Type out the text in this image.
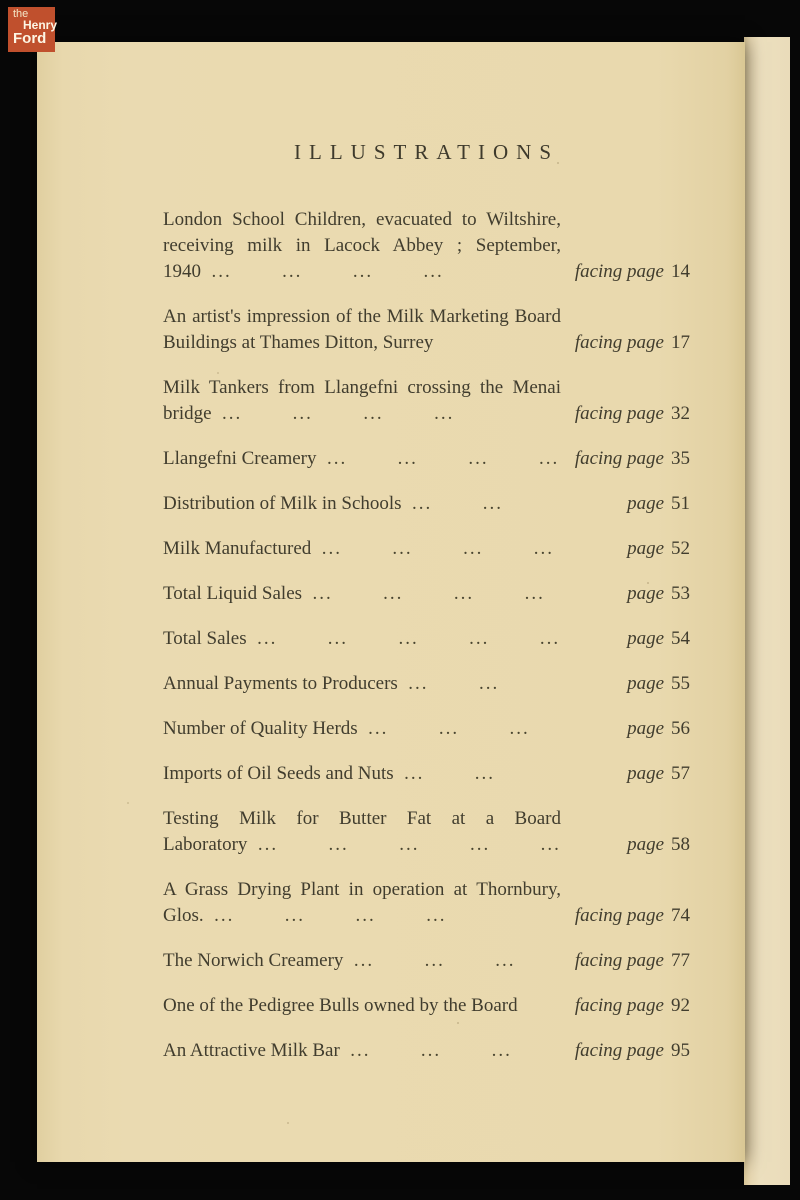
ILLUSTRATIONS
London School Children, evacuated to Wiltshire, receiving milk in Lacock Abbey ; September, 1940 ... ... ... ...	facing page 14
An artist's impression of the Milk Marketing Board Buildings at Thames Ditton, Surrey	facing page 17
Milk Tankers from Llangefni crossing the Menai bridge ... ... ... ...	facing page 32
Llangefni Creamery ... ... ... ... facing page 35
Distribution of Milk in Schools ... ...	page 51
Milk Manufactured ... ... ... ...	page 52
Total Liquid Sales ... ... ... ...	page 53
Total Sales ... ... ... ... ...	page 54
Annual Payments to Producers ... ...	page 55
Number of Quality Herds ... ... ...	page 56
Imports of Oil Seeds and Nuts ... ...	page 57
Testing Milk for Butter Fat at a Board Laboratory ... ... ... ... ...	page 58
A Grass Drying Plant in operation at Thornbury, Glos. ... ... ... ...	facing page 74
The Norwich Creamery ... ... ...	facing page 77
One of the Pedigree Bulls owned by the Board	facing page 92
An Attractive Milk Bar ... ... ...	facing page 95
the
Henry
Ford
